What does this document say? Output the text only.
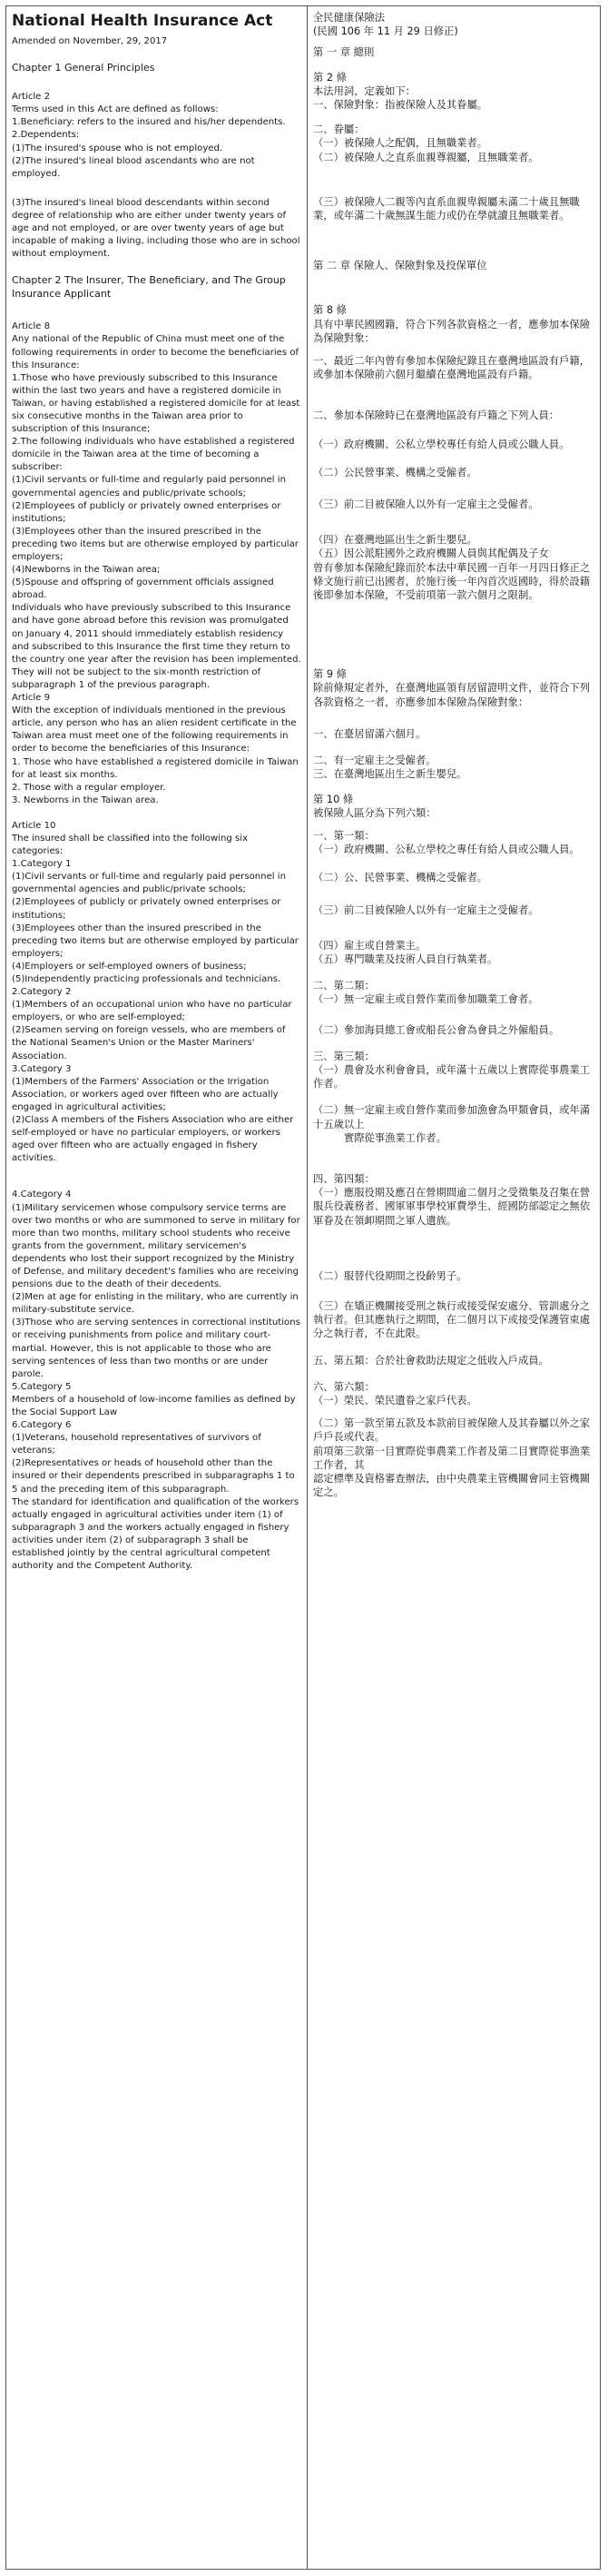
National Health Insurance Act

Amended on November, 29, 2017

Chapter 1 General Principles

Article 2

Terms used in this Act are defined as follows:

1.Beneficiary: refers to the insured and his/her dependents.

2.Dependents:

(1)The insured's spouse who is not employed.

(2)The insured's lineal blood ascendants who are not employed.

(3)The insured's lineal blood descendants within second degree of relationship who are either under twenty years of age and not employed, or are over twenty years of age but incapable of making a living, including those who are in school without employment.

Chapter 2 The Insurer, The Beneficiary, and The Group Insurance Applicant

Article 8

Any national of the Republic of China must meet one of the following requirements in order to become the beneficiaries of this Insurance:

1.Those who have previously subscribed to this Insurance within the last two years and have a registered domicile in Taiwan, or having established a registered domicile for at least six consecutive months in the Taiwan area prior to subscription of this Insurance;

2.The following individuals who have established a registered domicile in the Taiwan area at the time of becoming a subscriber:

(1)Civil servants or full-time and regularly paid personnel in governmental agencies and public/private schools;

(2)Employees of publicly or privately owned enterprises or institutions;

(3)Employees other than the insured prescribed in the preceding two items but are otherwise employed by particular employers;

(4)Newborns in the Taiwan area;

(5)Spouse and offspring of government officials assigned abroad.

Individuals who have previously subscribed to this Insurance and have gone abroad before this revision was promulgated on January 4, 2011 should immediately establish residency and subscribed to this Insurance the first time they return to the country one year after the revision has been implemented. They will not be subject to the six-month restriction of subparagraph 1 of the previous paragraph.

Article 9

With the exception of individuals mentioned in the previous article, any person who has an alien resident certificate in the Taiwan area must meet one of the following requirements in order to become the beneficiaries of this Insurance:

1. Those who have established a registered domicile in Taiwan for at least six months.

2. Those with a regular employer.

3. Newborns in the Taiwan area.

Article 10

The insured shall be classified into the following six categories:

1.Category 1

(1)Civil servants or full-time and regularly paid personnel in governmental agencies and public/private schools;

(2)Employees of publicly or privately owned enterprises or institutions;

(3)Employees other than the insured prescribed in the preceding two items but are otherwise employed by particular employers;

(4)Employers or self-employed owners of business;

(5)Independently practicing professionals and technicians.

2.Category 2

(1)Members of an occupational union who have no particular employers, or who are self-employed;

(2)Seamen serving on foreign vessels, who are members of the National Seamen's Union or the Master Mariners' Association.

3.Category 3

(1)Members of the Farmers' Association or the Irrigation Association, or workers aged over fifteen who are actually engaged in agricultural activities;

(2)Class A members of the Fishers Association who are either self-employed or have no particular employers, or workers aged over fifteen who are actually engaged in fishery activities.

4.Category 4

(1)Military servicemen whose compulsory service terms are over two months or who are summoned to serve in military for more than two months, military school students who receive grants from the government, military servicemen's dependents who lost their support recognized by the Ministry of Defense, and military decedent's families who are receiving pensions due to the death of their decedents.

(2)Men at age for enlisting in the military, who are currently in military-substitute service.

(3)Those who are serving sentences in correctional institutions or receiving punishments from police and military court-martial. However, this is not applicable to those who are serving sentences of less than two months or are under parole.

5.Category 5

Members of a household of low-income families as defined by the Social Support Law

6.Category 6

(1)Veterans, household representatives of survivors of veterans;

(2)Representatives or heads of household other than the insured or their dependents prescribed in subparagraphs 1 to 5 and the preceding item of this subparagraph.

The standard for identification and qualification of the workers actually engaged in agricultural activities under item (1) of subparagraph 3 and the workers actually engaged in fishery activities under item (2) of subparagraph 3 shall be established jointly by the central agricultural competent authority and the Competent Authority.

全民健康保險法

(民國 106 年 11 月 29 日修正)

第 一 章 總則

第 2 條

本法用詞，定義如下：

一、保險對象：指被保險人及其眷屬。

二、眷屬：

（一）被保險人之配偶，且無職業者。

（二）被保險人之直系血親尊親屬，且無職業者。

（三）被保險人二親等內直系血親卑親屬未滿二十歲且無職業，或年滿二十歲無謀生能力或仍在學就讀且無職業者。

第 二 章 保險人、保險對象及投保單位

第 8 條

具有中華民國國籍，符合下列各款資格之一者，應參加本保險為保險對象：

一、最近二年內曾有參加本保險紀錄且在臺灣地區設有戶籍，或參加本保險前六個月繼續在臺灣地區設有戶籍。

二、參加本保險時已在臺灣地區設有戶籍之下列人員：

（一）政府機關、公私立學校專任有給人員或公職人員。

（二）公民營事業、機構之受僱者。

（三）前二目被保險人以外有一定雇主之受僱者。

（四）在臺灣地區出生之新生嬰兒。

（五）因公派駐國外之政府機關人員與其配偶及子女

曾有參加本保險紀錄而於本法中華民國一百年一月四日修正之條文施行前已出國者，於施行後一年內首次返國時，得於設籍後即參加本保險，不受前項第一款六個月之限制。

第 9 條

除前條規定者外，在臺灣地區領有居留證明文件，並符合下列各款資格之一者，亦應參加本保險為保險對象：

一、在臺居留滿六個月。

二、有一定雇主之受僱者。

三、在臺灣地區出生之新生嬰兒。

第 10 條

被保險人區分為下列六類：

一、第一類：

（一）政府機關、公私立學校之專任有給人員或公職人員。

（二）公、民營事業、機構之受僱者。

（三）前二目被保險人以外有一定雇主之受僱者。

（四）雇主或自營業主。

（五）專門職業及技術人員自行執業者。

二、第二類：

（一）無一定雇主或自營作業而參加職業工會者。

（二）參加海員總工會或船長公會為會員之外僱船員。

三、第三類：

（一）農會及水利會會員，或年滿十五歲以上實際從事農業工作者。

（二）無一定雇主或自營作業而參加漁會為甲類會員，或年滿十五歲以上

實際從事漁業工作者。

四、第四類：

（一）應服役期及應召在營期間逾二個月之受徵集及召集在營服兵役義務者、國軍軍事學校軍費學生、經國防部認定之無依軍眷及在領卹期間之軍人遺族。

（二）服替代役期間之役齡男子。

（三）在矯正機關接受刑之執行或接受保安處分、管訓處分之執行者。但其應執行之期間，在二個月以下或接受保護管束處分之執行者，不在此限。

五、第五類：合於社會救助法規定之低收入戶成員。

六、第六類：

（一）榮民、榮民遺眷之家戶代表。

（二）第一款至第五款及本款前目被保險人及其眷屬以外之家戶戶長或代表。

前項第三款第一目實際從事農業工作者及第二目實際從事漁業工作者，其

認定標準及資格審查辦法，由中央農業主管機關會同主管機關定之。
